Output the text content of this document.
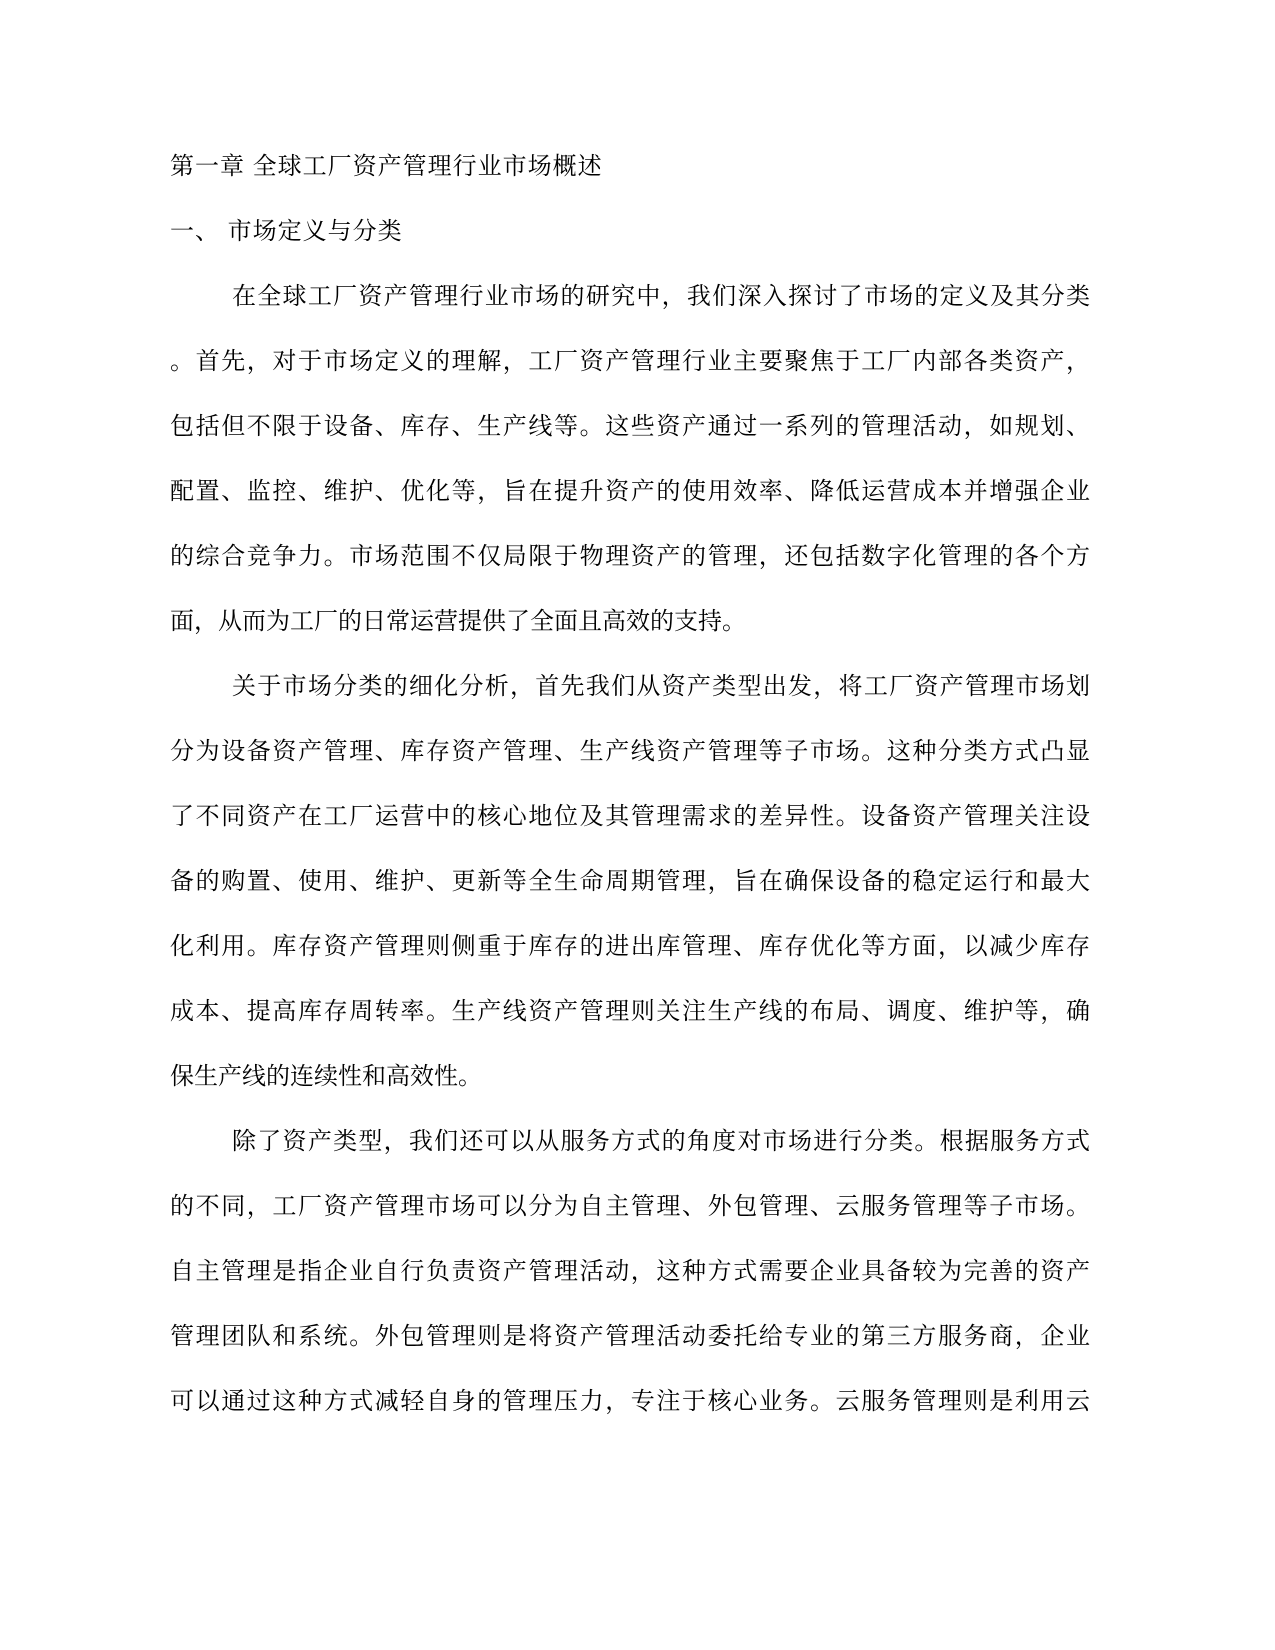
第一章 全球工厂资产管理行业市场概述
一、 市场定义与分类
在全球工厂资产管理行业市场的研究中，我们深入探讨了市场的定义及其分类
。首先，对于市场定义的理解，工厂资产管理行业主要聚焦于工厂内部各类资产，
包括但不限于设备、库存、生产线等。这些资产通过一系列的管理活动，如规划、
配置、监控、维护、优化等，旨在提升资产的使用效率、降低运营成本并增强企业
的综合竞争力。市场范围不仅局限于物理资产的管理，还包括数字化管理的各个方
面，从而为工厂的日常运营提供了全面且高效的支持。
关于市场分类的细化分析，首先我们从资产类型出发，将工厂资产管理市场划
分为设备资产管理、库存资产管理、生产线资产管理等子市场。这种分类方式凸显
了不同资产在工厂运营中的核心地位及其管理需求的差异性。设备资产管理关注设
备的购置、使用、维护、更新等全生命周期管理，旨在确保设备的稳定运行和最大
化利用。库存资产管理则侧重于库存的进出库管理、库存优化等方面，以减少库存
成本、提高库存周转率。生产线资产管理则关注生产线的布局、调度、维护等，确
保生产线的连续性和高效性。
除了资产类型，我们还可以从服务方式的角度对市场进行分类。根据服务方式
的不同，工厂资产管理市场可以分为自主管理、外包管理、云服务管理等子市场。
自主管理是指企业自行负责资产管理活动，这种方式需要企业具备较为完善的资产
管理团队和系统。外包管理则是将资产管理活动委托给专业的第三方服务商，企业
可以通过这种方式减轻自身的管理压力，专注于核心业务。云服务管理则是利用云
